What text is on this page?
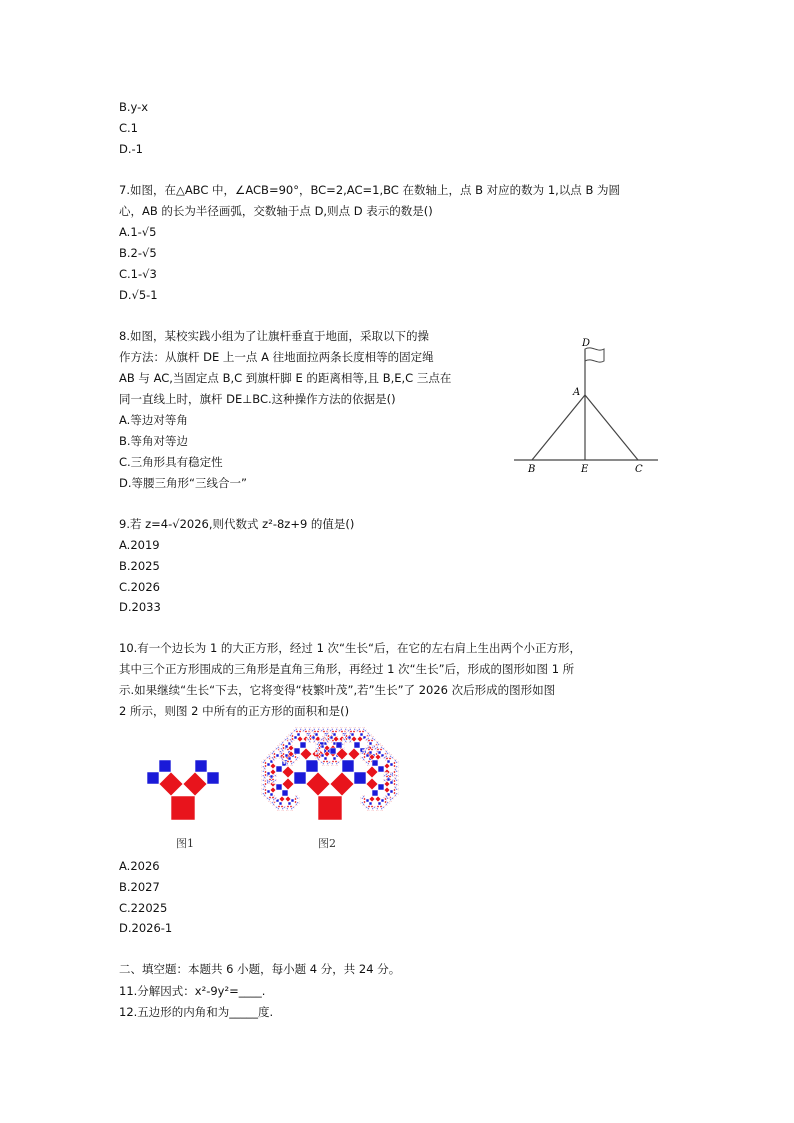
B.y-x
C.1
D.-1
7.如图，在△ABC 中，∠ACB=90°，BC=2,AC=1,BC 在数轴上，点 B 对应的数为 1,以点 B 为圆
心，AB 的长为半径画弧，交数轴于点 D,则点 D 表示的数是()
A.1-√5
B.2-√5
C.1-√3
D.√5-1
8.如图，某校实践小组为了让旗杆垂直于地面，采取以下的操
作方法：从旗杆 DE 上一点 A 往地面拉两条长度相等的固定绳
AB 与 AC,当固定点 B,C 到旗杆脚 E 的距离相等,且 B,E,C 三点在
同一直线上时，旗杆 DE⊥BC.这种操作方法的依据是()
A.等边对等角
B.等角对等边
C.三角形具有稳定性
D.等腰三角形“三线合一”
D
A
B	E	C
9.若 z=4-√2026,则代数式 z²-8z+9 的值是()
A.2019
B.2025
C.2026
D.2033
10.有一个边长为 1 的大正方形，经过 1 次“生长“后，在它的左右肩上生出两个小正方形，
其中三个正方形围成的三角形是直角三角形，再经过 1 次“生长”后，形成的图形如图 1 所
示.如果继续“生长“下去，它将变得“枝繁叶茂”,若”生长”了 2026 次后形成的图形如图
2 所示，则图 2 中所有的正方形的面积和是()
图1	图2
A.2026
B.2027
C.22025
D.2026-1
二、填空题：本题共 6 小题，每小题 4 分，共 24 分。
11.分解因式：x²-9y²=____.
12.五边形的内角和为_____度.
